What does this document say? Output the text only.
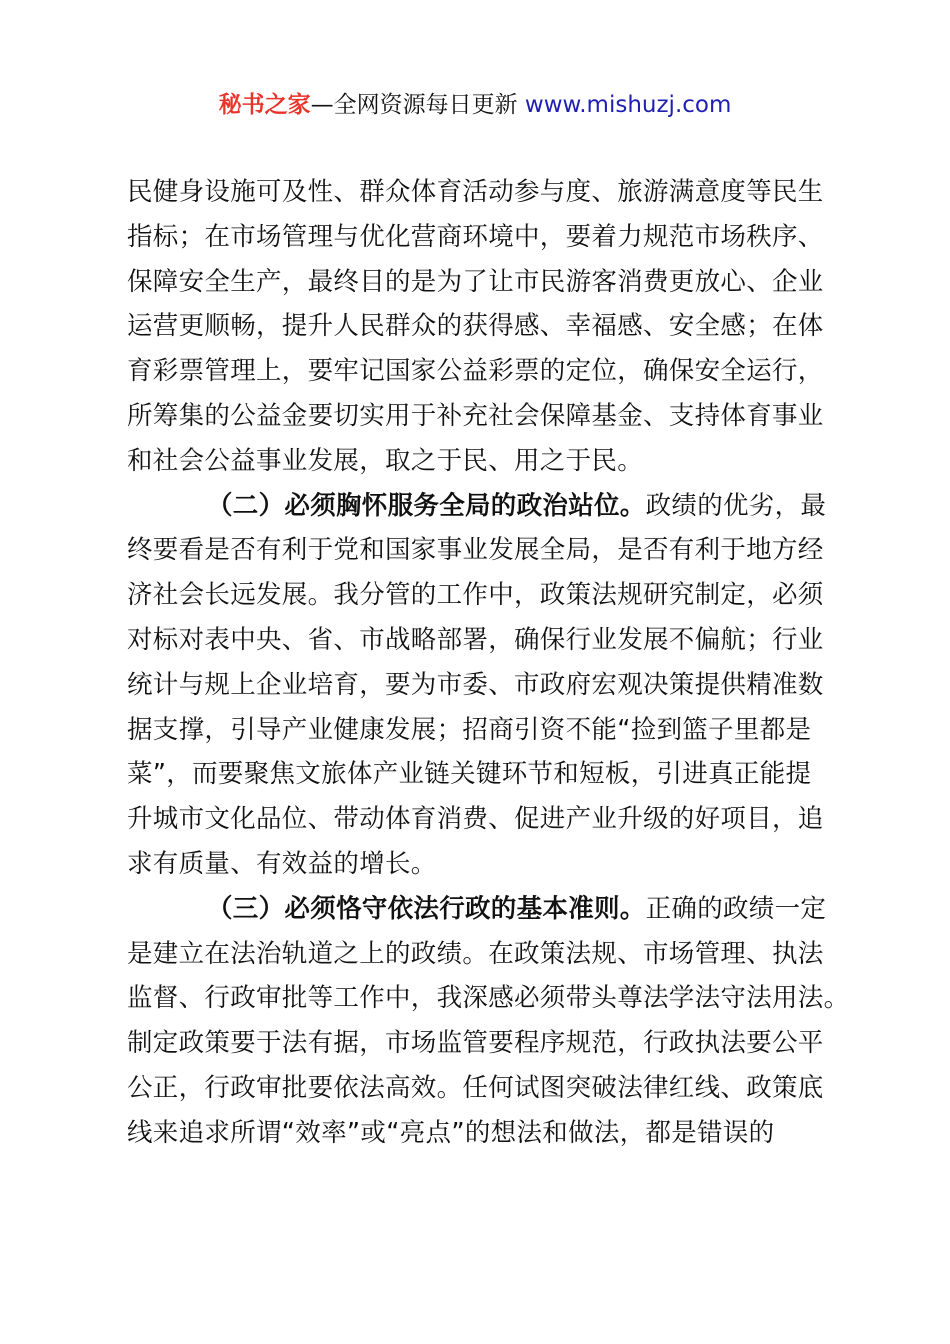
秘书之家—全网资源每日更新 www.mishuzj.com
民健身设施可及性、群众体育活动参与度、旅游满意度等民生
指标；在市场管理与优化营商环境中，要着力规范市场秩序、
保障安全生产，最终目的是为了让市民游客消费更放心、企业
运营更顺畅，提升人民群众的获得感、幸福感、安全感；在体
育彩票管理上，要牢记国家公益彩票的定位，确保安全运行，
所筹集的公益金要切实用于补充社会保障基金、支持体育事业
和社会公益事业发展，取之于民、用之于民。
（二）必须胸怀服务全局的政治站位。政绩的优劣，最
终要看是否有利于党和国家事业发展全局，是否有利于地方经
济社会长远发展。我分管的工作中，政策法规研究制定，必须
对标对表中央、省、市战略部署，确保行业发展不偏航；行业
统计与规上企业培育，要为市委、市政府宏观决策提供精准数
据支撑，引导产业健康发展；招商引资不能“捡到篮子里都是
菜”，而要聚焦文旅体产业链关键环节和短板，引进真正能提
升城市文化品位、带动体育消费、促进产业升级的好项目，追
求有质量、有效益的增长。
（三）必须恪守依法行政的基本准则。正确的政绩一定
是建立在法治轨道之上的政绩。在政策法规、市场管理、执法
监督、行政审批等工作中，我深感必须带头尊法学法守法用法。
制定政策要于法有据，市场监管要程序规范，行政执法要公平
公正，行政审批要依法高效。任何试图突破法律红线、政策底
线来追求所谓“效率”或“亮点”的想法和做法，都是错误的
